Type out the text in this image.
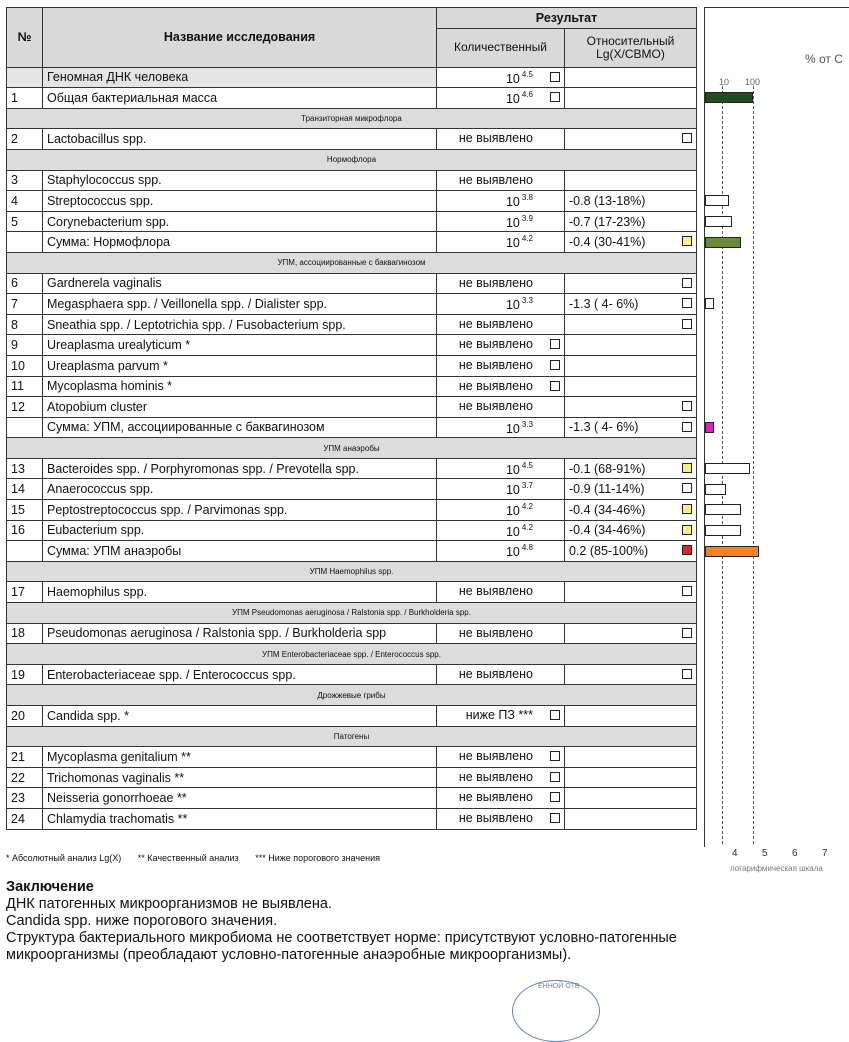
№	Название исследования	Результат	
		Количественный	Относительный
Lg(X/СВМО)
	Геномная ДНК человека	10 $^{4.5}$

1	Общая бактериальная масса	10 $^{4.6}$

Транзиторная микрофлора			
2	Lactobacillus spp.	не выявлено	

Нормофлора			
3	Staphylococcus spp.	не выявлено	

4	Streptococcus spp.	10 $^{3.8}$	-0.8 (13-18%)
5	Corynebacterium spp.	10 $^{3.9}$	-0.7 (17-23%)
	Сумма: Нормофлора	10 $^{4.2}$	-0.4 (30-41%)

УПМ, ассоциированные с баквагинозом			
6	Gardnerela vaginalis	не выявлено	

7	Megasphaera spp. / Veillonella spp. / Dialister spp.	10 $^{3.3}$	-1.3 ( 4- 6%)

8	Sneathia spp. / Leptotrichia spp. / Fusobacterium spp.	не выявлено	

9	Ureaplasma urealyticum *	не выявлено	

10	Ureaplasma parvum *	не выявлено	

11	Mycoplasma hominis *	не выявлено	

12	Atopobium cluster	не выявлено	

	Сумма: УПМ, ассоциированные с баквагинозом	10 $^{3.3}$	-1.3 ( 4- 6%)

УПМ анаэробы			
13	Bacteroides spp. / Porphyromonas spp. / Prevotella spp.	10 $^{4.5}$	-0.1 (68-91%)

14	Anaerococcus spp.	10 $^{3.7}$	-0.9 (11-14%)

15	Peptostreptococcus spp. / Parvimonas spp.	10 $^{4.2}$	-0.4 (34-46%)

16	Eubacterium spp.	10 $^{4.2}$	-0.4 (34-46%)

	Сумма: УПМ анаэробы	10 $^{4.8}$	0.2 (85-100%)

УПМ Haemophilus spp.			
17	Haemophilus spp.	не выявлено	

УПМ Pseudomonas aeruginosa / Ralstonia spp. / Burkholderia spp.			
18	Pseudomonas aeruginosa / Ralstonia spp. / Burkholderia spp	не выявлено	

УПМ Enterobacteriaceae spp. / Enterococcus spp.			
19	Enterobacteriaceae spp. / Enterococcus spp.	не выявлено	

Дрожжевые грибы			
20	Candida spp. *	ниже ПЗ ***	

Патогены			
21	Mycoplasma genitalium **	не выявлено	

22	Trichomonas vaginalis **	не выявлено	

23	Neisseria gonorrhoeae **	не выявлено	

24	Chlamydia trachomatis **	не выявлено	

% от С
10 100
4 5 6 7
логарифмическая шкала
* Абсолютный анализ Lg(X) ** Качественный анализ *** Ниже порогового значения
Заключение
ДНК патогенных микроорганизмов не выявлена.
Candida spp. ниже порогового значения.
Структура бактериального микробиома не соответствует норме: присутствуют условно-патогенные
микроорганизмы (преобладают условно-патогенные анаэробные микроорганизмы).
ЕННОЙ ОТВ
